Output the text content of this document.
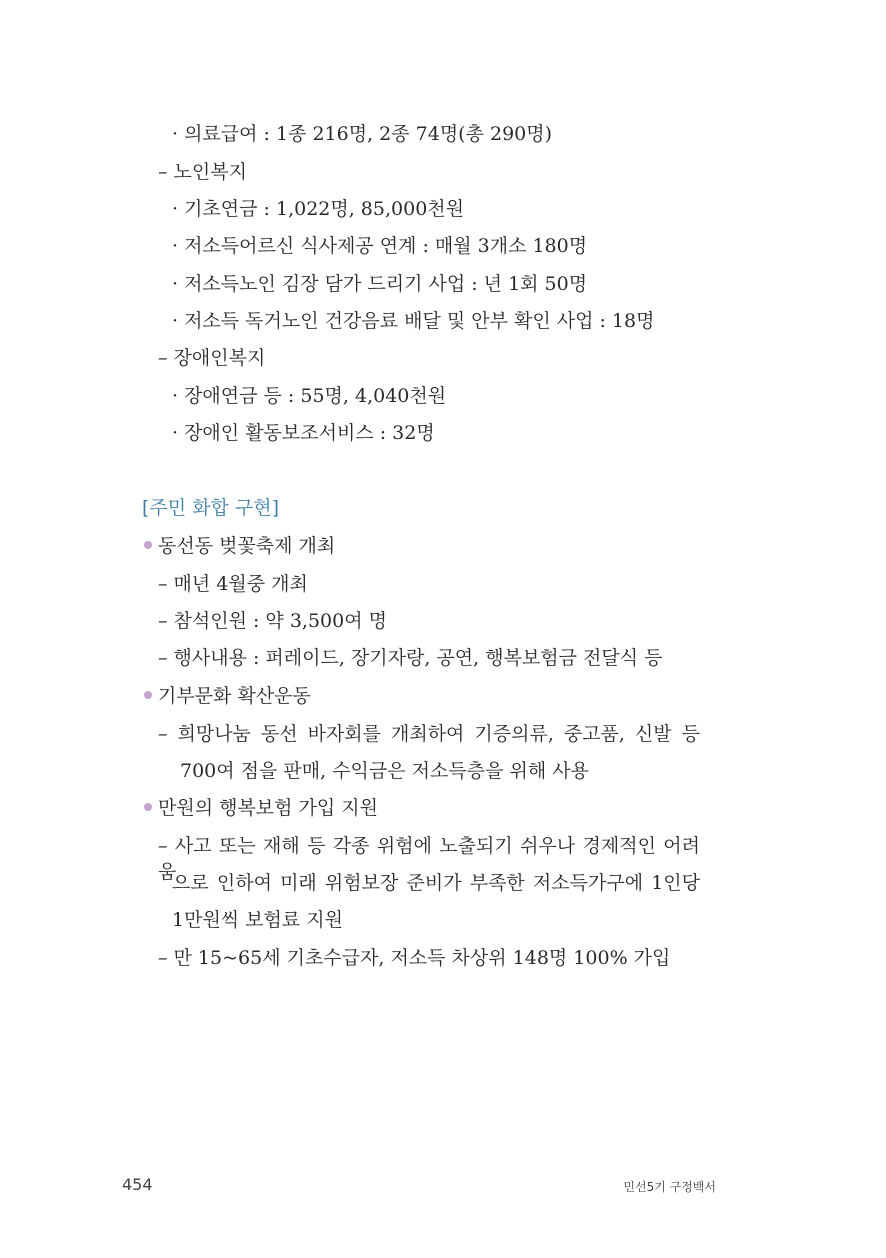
· 의료급여 : 1종 216명, 2종 74명(총 290명)
– 노인복지
· 기초연금 : 1,022명, 85,000천원
· 저소득어르신 식사제공 연계 : 매월 3개소 180명
· 저소득노인 김장 담가 드리기 사업 : 년 1회 50명
· 저소득 독거노인 건강음료 배달 및 안부 확인 사업 : 18명
– 장애인복지
· 장애연금 등 : 55명, 4,040천원
· 장애인 활동보조서비스 : 32명
[주민 화합 구현]
동선동 벚꽃축제 개최
– 매년 4월중 개최
– 참석인원 : 약 3,500여 명
– 행사내용 : 퍼레이드, 장기자랑, 공연, 행복보험금 전달식 등
기부문화 확산운동
– 희망나눔 동선 바자회를 개최하여 기증의류, 중고품, 신발 등
700여 점을 판매, 수익금은 저소득층을 위해 사용
만원의 행복보험 가입 지원
– 사고 또는 재해 등 각종 위험에 노출되기 쉬우나 경제적인 어려움
으로 인하여 미래 위험보장 준비가 부족한 저소득가구에 1인당
1만원씩 보험료 지원
– 만 15~65세 기초수급자, 저소득 차상위 148명 100% 가입
454	민선5기 구정백서
